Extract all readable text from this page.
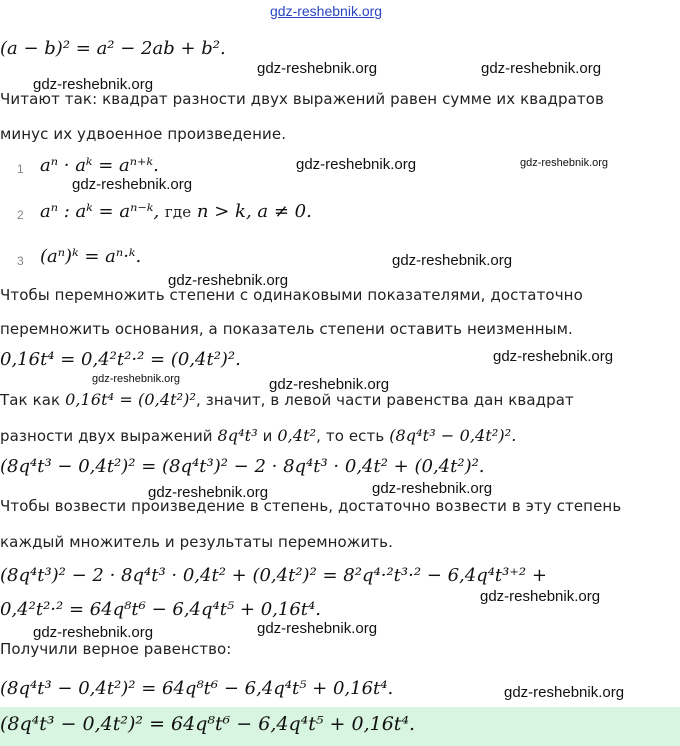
gdz-reshebnik.org
(a − b)² = a² − 2ab + b².
gdz-reshebnik.org	gdz-reshebnik.org
gdz-reshebnik.org
Читают так: квадрат разности двух выражений равен сумме их квадратов
минус их удвоенное произведение.
1 aⁿ · aᵏ = aⁿ⁺ᵏ.	gdz-reshebnik.org	gdz-reshebnik.org
gdz-reshebnik.org
2 aⁿ : aᵏ = aⁿ⁻ᵏ, где n > k, a ≠ 0.
3 (aⁿ)ᵏ = aⁿ·ᵏ.	gdz-reshebnik.org
gdz-reshebnik.org
Чтобы перемножить степени с одинаковыми показателями, достаточно
перемножить основания, а показатель степени оставить неизменным.
0,16t⁴ = 0,4²t²·² = (0,4t²)².	gdz-reshebnik.org
gdz-reshebnik.org	gdz-reshebnik.org
Так как 0,16t⁴ = (0,4t²)², значит, в левой части равенства дан квадрат
разности двух выражений 8q⁴t³ и 0,4t², то есть (8q⁴t³ − 0,4t²)².
(8q⁴t³ − 0,4t²)² = (8q⁴t³)² − 2 · 8q⁴t³ · 0,4t² + (0,4t²)².
gdz-reshebnik.org	gdz-reshebnik.org
Чтобы возвести произведение в степень, достаточно возвести в эту степень
каждый множитель и результаты перемножить.
(8q⁴t³)² − 2 · 8q⁴t³ · 0,4t² + (0,4t²)² = 8²q⁴·²t³·² − 6,4q⁴t³⁺² +
0,4²t²·² = 64q⁸t⁶ − 6,4q⁴t⁵ + 0,16t⁴.
gdz-reshebnik.org
gdz-reshebnik.org	gdz-reshebnik.org
Получили верное равенство:
(8q⁴t³ − 0,4t²)² = 64q⁸t⁶ − 6,4q⁴t⁵ + 0,16t⁴.	gdz-reshebnik.org
(8q⁴t³ − 0,4t²)² = 64q⁸t⁶ − 6,4q⁴t⁵ + 0,16t⁴.
